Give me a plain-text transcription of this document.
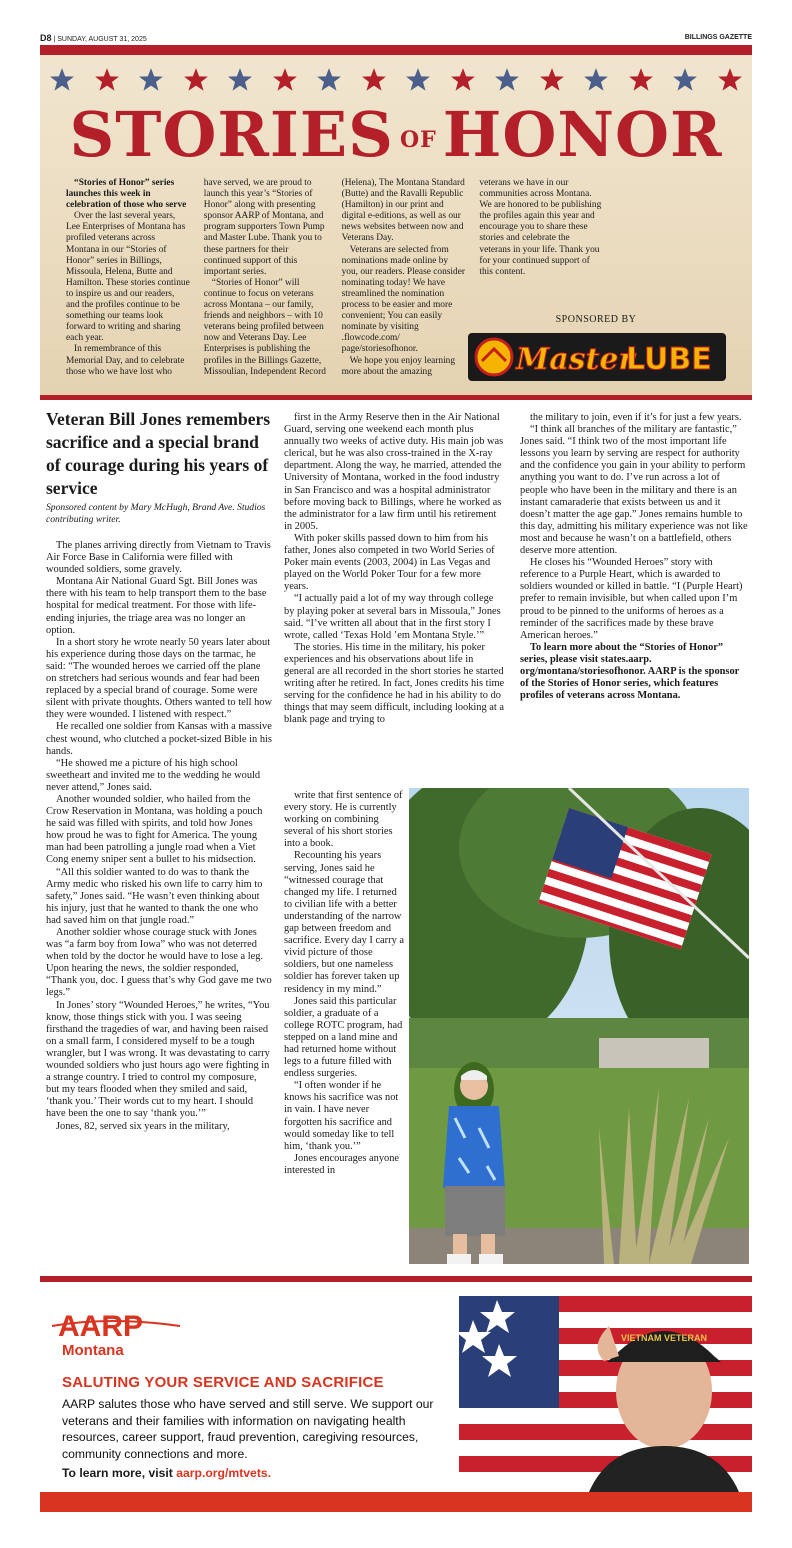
D8 | SUNDAY, AUGUST 31, 2025	BILLINGS GAZETTE
STORIES OFHONOR

“Stories of Honor” series launches this week in celebration of those who serve

Over the last several years, Lee Enterprises of Montana has profiled veterans across Montana in our “Stories of Honor” series in Billings, Missoula, Helena, Butte and Hamilton. These stories continue to inspire us and our readers, and the profiles continue to be something our teams look forward to writing and sharing each year.

In remembrance of this Memorial Day, and to celebrate those who we have lost who have served, we are proud to launch this year’s “Stories of Honor” along with presenting sponsor AARP of Montana, and program supporters Town Pump and Master Lube. Thank you to these partners for their continued support of this important series.

“Stories of Honor” will continue to focus on veterans across Montana – our family, friends and neighbors – with 10 veterans being profiled between now and Veterans Day. Lee Enterprises is publishing the profiles in the Billings Gazette, Missoulian, Independent Record (Helena), The Montana Standard (Butte) and the Ravalli Republic (Hamilton) in our print and digital e-editions, as well as our news websites between now and Veterans Day.

Veterans are selected from nominations made online by you, our readers. Please consider nominating today! We have streamlined the nomination process to be easier and more convenient; You can easily nominate by visiting .flowcode.com/ page/storiesofhonor.

We hope you enjoy learning more about the amazing veterans we have in our communities across Montana. We are honored to be publishing the profiles again this year and encourage you to share these stories and celebrate the veterans in your life. Thank you for your continued support of this content.

SPONSORED BY
Master
LUBE
Veteran Bill Jones remembers sacrifice and a special brand of courage during his years of service

Sponsored content by Mary McHugh, Brand Ave. Studios contributing writer.

The planes arriving directly from Vietnam to Travis Air Force Base in California were filled with wounded soldiers, some gravely.

Montana Air National Guard Sgt. Bill Jones was there with his team to help transport them to the base hospital for medical treatment. For those with life-ending injuries, the triage area was no longer an option.

In a short story he wrote nearly 50 years later about his experience during those days on the tarmac, he said: “The wounded heroes we carried off the plane on stretchers had serious wounds and fear had been replaced by a special brand of courage. Some were silent with private thoughts. Others wanted to tell how they were wounded. I listened with respect.”

He recalled one soldier from Kansas with a massive chest wound, who clutched a pocket-sized Bible in his hands.

“He showed me a picture of his high school sweetheart and invited me to the wedding he would never attend,” Jones said.

Another wounded soldier, who hailed from the Crow Reservation in Montana, was holding a pouch he said was filled with spirits, and told how Jones how proud he was to fight for America. The young man had been patrolling a jungle road when a Viet Cong enemy sniper sent a bullet to his midsection.

“All this soldier wanted to do was to thank the Army medic who risked his own life to carry him to safety,” Jones said. “He wasn’t even thinking about his injury, just that he wanted to thank the one who had saved him on that jungle road.”

Another soldier whose courage stuck with Jones was “a farm boy from Iowa” who was not deterred when told by the doctor he would have to lose a leg. Upon hearing the news, the soldier responded, “Thank you, doc. I guess that’s why God gave me two legs.”

In Jones’ story “Wounded Heroes,” he writes, “You know, those things stick with you. I was seeing firsthand the tragedies of war, and having been raised on a small farm, I considered myself to be a tough wrangler, but I was wrong. It was devastating to carry wounded soldiers who just hours ago were fighting in a strange country. I tried to control my composure, but my tears flooded when they smiled and said, ‘thank you.’ Their words cut to my heart. I should have been the one to say ‘thank you.’”

Jones, 82, served six years in the military,

first in the Army Reserve then in the Air National Guard, serving one weekend each month plus annually two weeks of active duty. His main job was clerical, but he was also cross-trained in the X-ray department. Along the way, he married, attended the University of Montana, worked in the food industry in San Francisco and was a hospital administrator before moving back to Billings, where he worked as the administrator for a law firm until his retirement in 2005.

With poker skills passed down to him from his father, Jones also competed in two World Series of Poker main events (2003, 2004) in Las Vegas and played on the World Poker Tour for a few more years.

“I actually paid a lot of my way through college by playing poker at several bars in Missoula,” Jones said. “I’ve written all about that in the first story I wrote, called ‘Texas Hold ’em Montana Style.’”

The stories. His time in the military, his poker experiences and his observations about life in general are all recorded in the short stories he started writing after he retired. In fact, Jones credits his time serving for the confidence he had in his ability to do things that may seem difficult, including looking at a blank page and trying to

write that first sentence of every story. He is currently working on combining several of his short stories into a book.

Recounting his years serving, Jones said he “witnessed courage that changed my life. I returned to civilian life with a better understanding of the narrow gap between freedom and sacrifice. Every day I carry a vivid picture of those soldiers, but one nameless soldier has forever taken up residency in my mind.”

Jones said this particular soldier, a graduate of a college ROTC program, had stepped on a land mine and had returned home without legs to a future filled with endless surgeries.

“I often wonder if he knows his sacrifice was not in vain. I have never forgotten his sacrifice and would someday like to tell him, ‘thank you.’”

Jones encourages anyone interested in

the military to join, even if it’s for just a few years.

“I think all branches of the military are fantastic,” Jones said. “I think two of the most important life lessons you learn by serving are respect for authority and the confidence you gain in your ability to perform anything you want to do. I’ve run across a lot of people who have been in the military and there is an instant camaraderie that exists between us and it doesn’t matter the age gap.” Jones remains humble to this day, admitting his military experience was not like most and because he wasn’t on a battlefield, others deserve more attention.

He closes his “Wounded Heroes” story with reference to a Purple Heart, which is awarded to soldiers wounded or killed in battle. “I (Purple Heart) prefer to remain invisible, but when called upon I’m proud to be pinned to the uniforms of heroes as a reminder of the sacrifices made by these brave American heroes.”

To learn more about the “Stories of Honor” series, please visit states.aarp. org/montana/storiesofhonor. AARP is the sponsor of the Stories of Honor series, which features profiles of veterans across Montana.

AARP
Montana
SALUTING YOUR SERVICE AND SACRIFICE

AARP salutes those who have served and still serve. We support our veterans and their families with information on navigating health resources, career support, fraud prevention, caregiving resources, community connections and more.

To learn more, visit aarp.org/mtvets.

VIETNAM VETERAN
